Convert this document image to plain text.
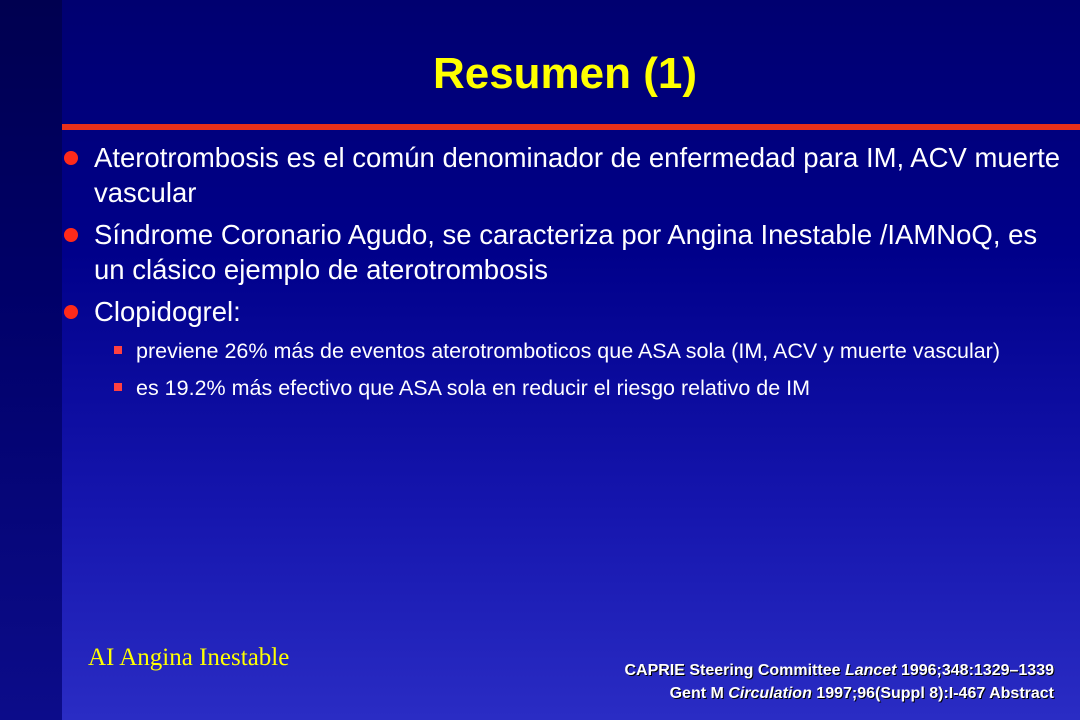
Resumen (1)
Aterotrombosis es el común denominador de enfermedad para IM, ACV muerte vascular
Síndrome Coronario Agudo, se caracteriza por Angina Inestable /IAMNoQ, es un clásico ejemplo de aterotrombosis
Clopidogrel:
previene 26% más de eventos aterotromboticos que ASA sola (IM, ACV y muerte vascular)
es 19.2% más efectivo que ASA sola en reducir el riesgo relativo de IM
AI Angina Inestable	CAPRIE Steering Committee Lancet 1996;348:1329–1339
Gent M Circulation 1997;96(Suppl 8):I-467 Abstract
